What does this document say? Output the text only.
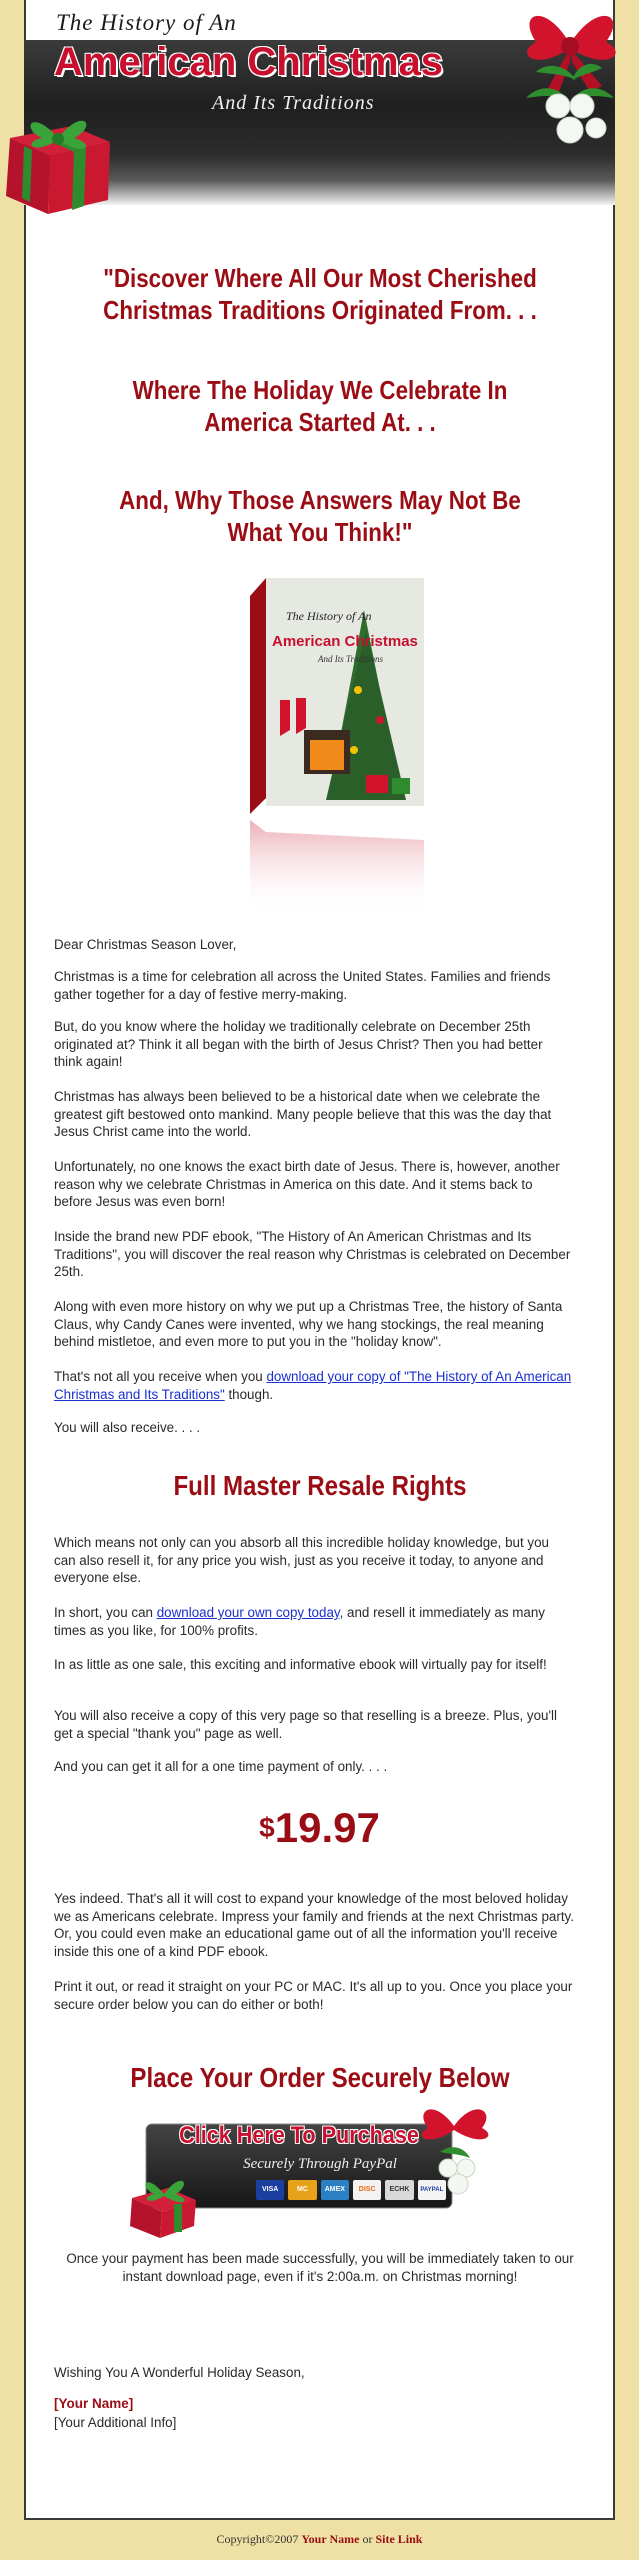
The History of An
American Christmas
And Its Traditions
"Discover Where All Our Most Cherished
Christmas Traditions Originated From. . .
Where The Holiday We Celebrate In
America Started At. . .
And, Why Those Answers May Not Be
What You Think!"
The History of An
American Christmas
And Its Traditions
Dear Christmas Season Lover,
Christmas is a time for celebration all across the United States. Families and friends gather together for a day of festive merry-making.
But, do you know where the holiday we traditionally celebrate on December 25th originated at? Think it all began with the birth of Jesus Christ? Then you had better think again!
Christmas has always been believed to be a historical date when we celebrate the greatest gift bestowed onto mankind. Many people believe that this was the day that Jesus Christ came into the world.
Unfortunately, no one knows the exact birth date of Jesus. There is, however, another reason why we celebrate Christmas in America on this date. And it stems back to before Jesus was even born!
Inside the brand new PDF ebook, "The History of An American Christmas and Its Traditions", you will discover the real reason why Christmas is celebrated on December 25th.
Along with even more history on why we put up a Christmas Tree, the history of Santa Claus, why Candy Canes were invented, why we hang stockings, the real meaning behind mistletoe, and even more to put you in the "holiday know".
That's not all you receive when you download your copy of "The History of An American Christmas and Its Traditions" though.
You will also receive. . . .
Full Master Resale Rights
Which means not only can you absorb all this incredible holiday knowledge, but you can also resell it, for any price you wish, just as you receive it today, to anyone and everyone else.
In short, you can download your own copy today, and resell it immediately as many times as you like, for 100% profits.
In as little as one sale, this exciting and informative ebook will virtually pay for itself!
You will also receive a copy of this very page so that reselling is a breeze. Plus, you'll get a special "thank you" page as well.
And you can get it all for a one time payment of only. . . .
$19.97
Yes indeed. That's all it will cost to expand your knowledge of the most beloved holiday we as Americans celebrate. Impress your family and friends at the next Christmas party. Or, you could even make an educational game out of all the information you'll receive inside this one of a kind PDF ebook.
Print it out, or read it straight on your PC or MAC. It's all up to you. Once you place your secure order below you can do either or both!
Place Your Order Securely Below
Click Here To Purchase
Securely Through PayPal
VISA	MC	AMEX	DISC	ECHK	PAYPAL
Once your payment has been made successfully, you will be immediately taken to our instant download page, even if it's 2:00a.m. on Christmas morning!
Wishing You A Wonderful Holiday Season,
[Your Name]
[Your Additional Info]
Copyright©2007 Your Name or Site Link
